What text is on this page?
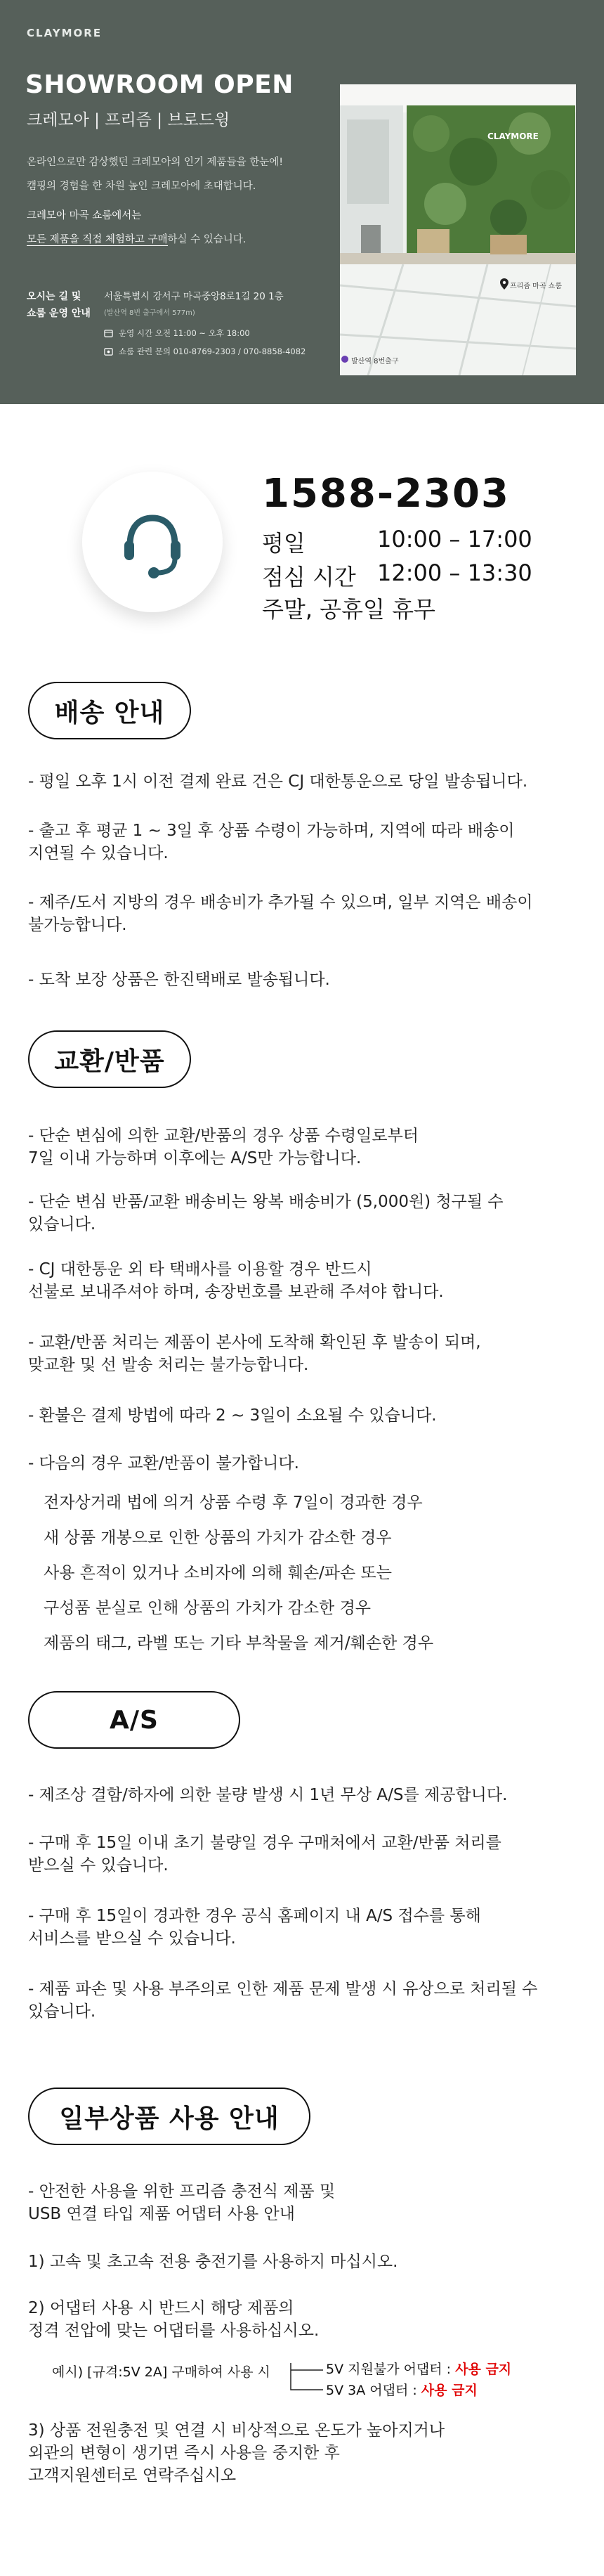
CLAYMORE
SHOWROOM OPEN
크레모아 | 프리즘 | 브로드윙
온라인으로만 감상했던 크레모아의 인기 제품들을 한눈에!
캠핑의 경험을 한 차원 높인 크레모아에 초대합니다.
크레모아 마곡 쇼룸에서는
모든 제품을 직접 체험하고 구매하실 수 있습니다.
오시는 길 및
쇼룸 운영 안내
서울특별시 강서구 마곡중앙8로1길 20 1층
(발산역 8번 출구에서 577m)
운영 시간 오전 11:00 ~ 오후 18:00
쇼룸 관련 문의 010-8769-2303 / 070-8858-4082
CLAYMORE
프리즘 마곡 쇼룸
발산역 8번출구
1588-2303
평일	10:00 – 17:00
점심 시간 12:00 – 13:30
주말, 공휴일 휴무
배송 안내
- 평일 오후 1시 이전 결제 완료 건은 CJ 대한통운으로 당일 발송됩니다.
- 출고 후 평균 1 ~ 3일 후 상품 수령이 가능하며, 지역에 따라 배송이
지연될 수 있습니다.
- 제주/도서 지방의 경우 배송비가 추가될 수 있으며, 일부 지역은 배송이
불가능합니다.
- 도착 보장 상품은 한진택배로 발송됩니다.
교환/반품
- 단순 변심에 의한 교환/반품의 경우 상품 수령일로부터
7일 이내 가능하며 이후에는 A/S만 가능합니다.
- 단순 변심 반품/교환 배송비는 왕복 배송비가 (5,000원) 청구될 수
있습니다.
- CJ 대한통운 외 타 택배사를 이용할 경우 반드시
선불로 보내주셔야 하며, 송장번호를 보관해 주셔야 합니다.
- 교환/반품 처리는 제품이 본사에 도착해 확인된 후 발송이 되며,
맞교환 및 선 발송 처리는 불가능합니다.
- 환불은 결제 방법에 따라 2 ~ 3일이 소요될 수 있습니다.
- 다음의 경우 교환/반품이 불가합니다.
전자상거래 법에 의거 상품 수령 후 7일이 경과한 경우
새 상품 개봉으로 인한 상품의 가치가 감소한 경우
사용 흔적이 있거나 소비자에 의해 훼손/파손 또는
구성품 분실로 인해 상품의 가치가 감소한 경우
제품의 태그, 라벨 또는 기타 부착물을 제거/훼손한 경우
A/S
- 제조상 결함/하자에 의한 불량 발생 시 1년 무상 A/S를 제공합니다.
- 구매 후 15일 이내 초기 불량일 경우 구매처에서 교환/반품 처리를
받으실 수 있습니다.
- 구매 후 15일이 경과한 경우 공식 홈페이지 내 A/S 접수를 통해
서비스를 받으실 수 있습니다.
- 제품 파손 및 사용 부주의로 인한 제품 문제 발생 시 유상으로 처리될 수
있습니다.
일부상품 사용 안내
- 안전한 사용을 위한 프리즘 충전식 제품 및
USB 연결 타입 제품 어댑터 사용 안내
1) 고속 및 초고속 전용 충전기를 사용하지 마십시오.
2) 어댑터 사용 시 반드시 해당 제품의
정격 전압에 맞는 어댑터를 사용하십시오.
예시) [규격:5V 2A] 구매하여 사용 시	5V 지원불가 어댑터 : 사용 금지
5V 3A 어댑터 : 사용 금지
3) 상품 전원충전 및 연결 시 비상적으로 온도가 높아지거나
외관의 변형이 생기면 즉시 사용을 중지한 후
고객지원센터로 연락주십시오
